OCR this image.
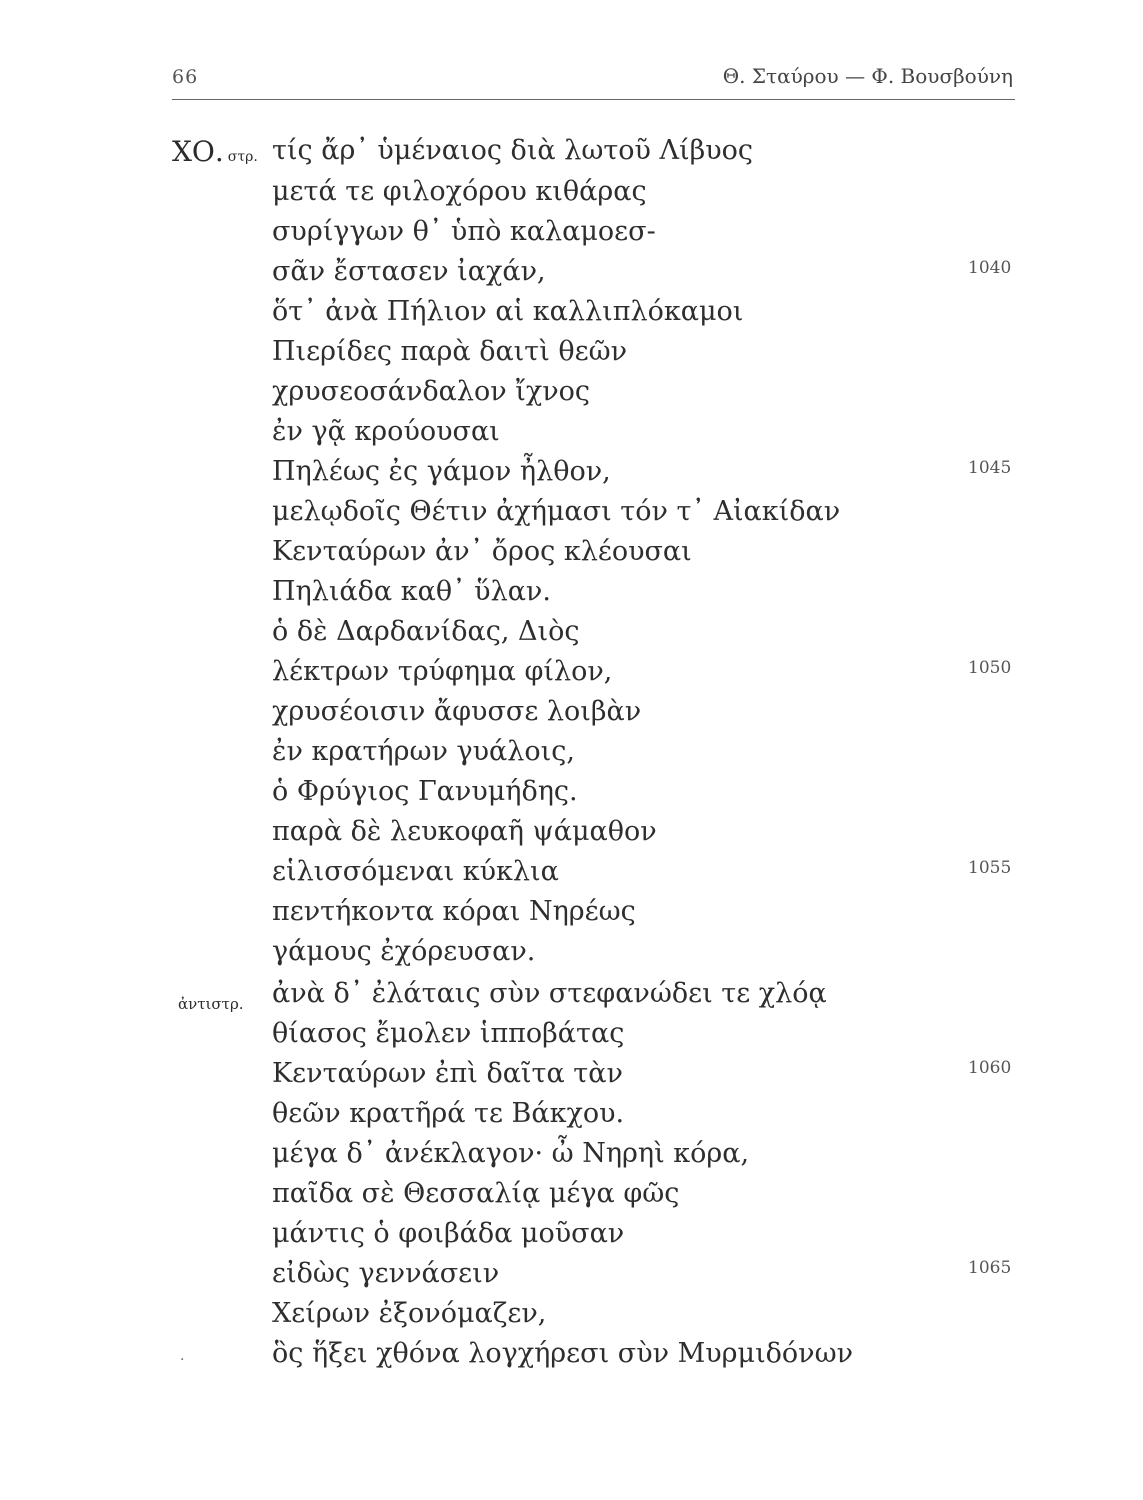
66	Θ. Σταύρου — Φ. Βουσβούνη
ΧΟ. στρ.
ἀντιστρ.
τίς ἄρ᾽ ὑμέναιος διὰ λωτοῦ Λίβυος
μετά τε φιλοχόρου κιθάρας
συρίγγων θ᾽ ὑπὸ καλαμοεσ-
σᾶν ἔστασεν ἰαχάν,
ὅτ᾽ ἀνὰ Πήλιον αἱ καλλιπλόκαμοι
Πιερίδες παρὰ δαιτὶ θεῶν
χρυσεοσάνδαλον ἴχνος
ἐν γᾷ κρούουσαι
Πηλέως ἐς γάμον ἦλθον,
μελῳδοῖς Θέτιν ἀχήμασι τόν τ᾽ Αἰακίδαν
Κενταύρων ἀν᾽ ὄρος κλέουσαι
Πηλιάδα καθ᾽ ὕλαν.
ὁ δὲ Δαρδανίδας, Διὸς
λέκτρων τρύφημα φίλον,
χρυσέοισιν ἄφυσσε λοιβὰν
ἐν κρατήρων γυάλοις,
ὁ Φρύγιος Γανυμήδης.
παρὰ δὲ λευκοφαῆ ψάμαθον
εἱλισσόμεναι κύκλια
πεντήκοντα κόραι Νηρέως
γάμους ἐχόρευσαν.
ἀνὰ δ᾽ ἐλάταις σὺν στεφανώδει τε χλόᾳ
θίασος ἔμολεν ἱπποβάτας
Κενταύρων ἐπὶ δαῖτα τὰν
θεῶν κρατῆρά τε Βάκχου.
μέγα δ᾽ ἀνέκλαγον· ὦ Νηρηὶ κόρα,
παῖδα σὲ Θεσσαλίᾳ μέγα φῶς
μάντις ὁ φοιβάδα μοῦσαν
εἰδὼς γεννάσειν
Χείρων ἐξονόμαζεν,
ὃς ἥξει χθόνα λογχήρεσι σὺν Μυρμιδόνων
1040
1045
1050
1055
1060
1065
·
